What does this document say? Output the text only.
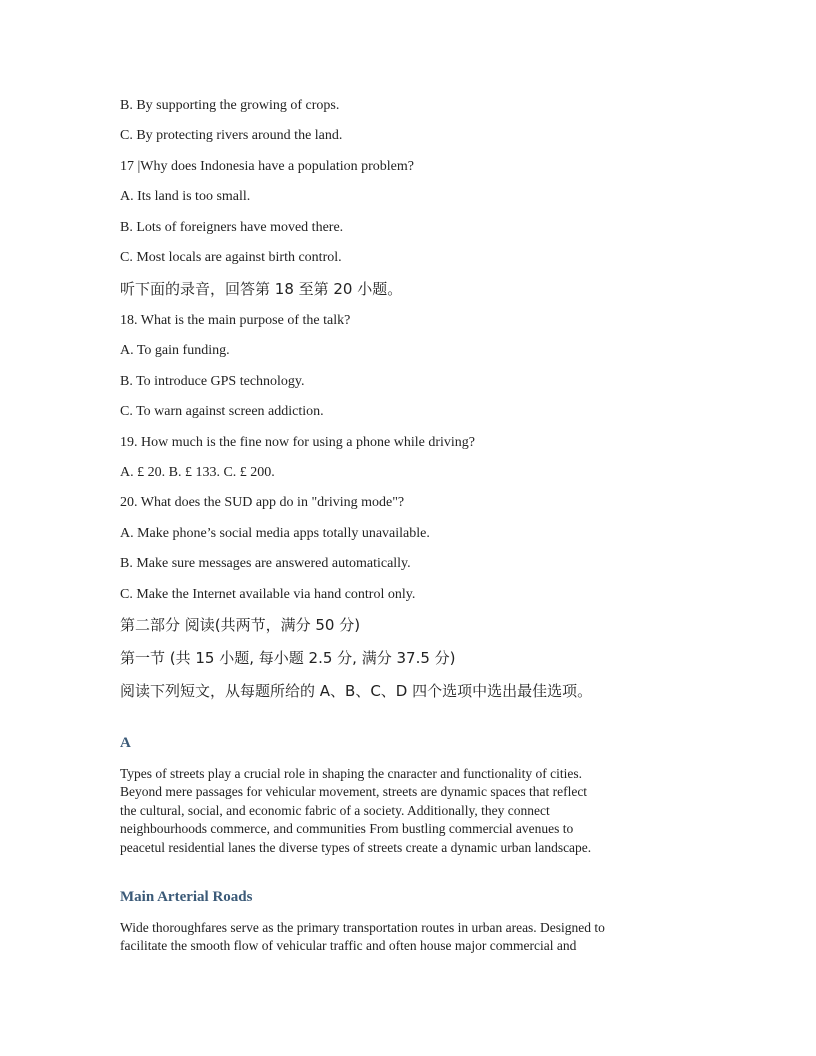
B. By supporting the growing of crops.
C. By protecting rivers around the land.
17 |Why does Indonesia have a population problem?
A. Its land is too small.
B. Lots of foreigners have moved there.
C. Most locals are against birth control.
听下面的录音，回答第 18 至第 20 小题。
18. What is the main purpose of the talk?
A. To gain funding.
B. To introduce GPS technology.
C. To warn against screen addiction.
19. How much is the fine now for using a phone while driving?
A. £ 20. B. £ 133. C. £ 200.
20. What does the SUD app do in "driving mode"?
A. Make phone’s social media apps totally unavailable.
B. Make sure messages are answered automatically.
C. Make the Internet available via hand control only.
第二部分 阅读(共两节，满分 50 分)
第一节 (共 15 小题, 每小题 2.5 分, 满分 37.5 分)
阅读下列短文，从每题所给的 A、B、C、D 四个选项中选出最佳选项。
A
Types of streets play a crucial role in shaping the cnaracter and functionality of cities.
Beyond mere passages for vehicular movement, streets are dynamic spaces that reflect
the cultural, social, and economic fabric of a society. Additionally, they connect
neighbourhoods commerce, and communities From bustling commercial avenues to
peacetul residential lanes the diverse types of streets create a dynamic urban landscape.
Main Arterial Roads
Wide thoroughfares serve as the primary transportation routes in urban areas. Designed to
facilitate the smooth flow of vehicular traffic and often house major commercial and
